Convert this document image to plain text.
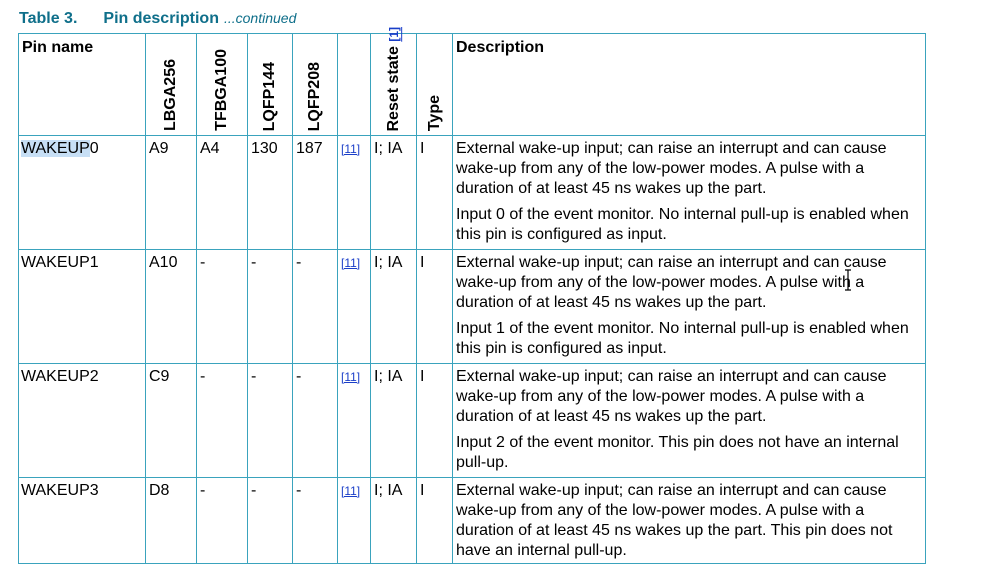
Table 3. Pin description ...continued
Pin name	LBGA256	TFBGA100	LQFP144	LQFP208		Reset state [1]	Type	Description
WAKEUP0	A9	A4	130	187	[11]	I; IA	I	External wake-up input; can raise an interrupt and can cause wake-up from any of the low-power modes. A pulse with a duration of at least 45 ns wakes up the part.

Input 0 of the event monitor. No internal pull-up is enabled when this pin is configured as input.

WAKEUP1	A10	-	-	-	[11]	I; IA	I	External wake-up input; can raise an interrupt and can cause wake-up from any of the low-power modes. A pulse with a duration of at least 45 ns wakes up the part.

Input 1 of the event monitor. No internal pull-up is enabled when this pin is configured as input.

WAKEUP2	C9	-	-	-	[11]	I; IA	I	External wake-up input; can raise an interrupt and can cause wake-up from any of the low-power modes. A pulse with a duration of at least 45 ns wakes up the part.

Input 2 of the event monitor. This pin does not have an internal pull-up.

WAKEUP3	D8	-	-	-	[11]	I; IA	I	External wake-up input; can raise an interrupt and can cause wake-up from any of the low-power modes. A pulse with a duration of at least 45 ns wakes up the part. This pin does not have an internal pull-up.
